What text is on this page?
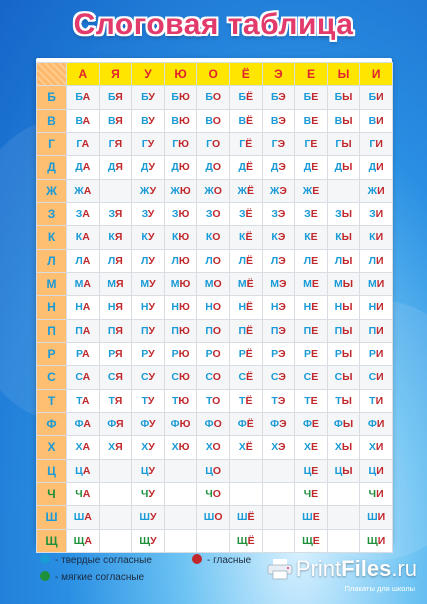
Слоговая таблица
	А	Я	У	Ю	О	Ё	Э	Е	Ы	И
Б	БА	БЯ	БУ	БЮ	БО	БЁ	БЭ	БЕ	БЫ	БИ
В	ВА	ВЯ	ВУ	ВЮ	ВО	ВЁ	ВЭ	ВЕ	ВЫ	ВИ
Г	ГА	ГЯ	ГУ	ГЮ	ГО	ГЁ	ГЭ	ГЕ	ГЫ	ГИ
Д	ДА	ДЯ	ДУ	ДЮ	ДО	ДЁ	ДЭ	ДЕ	ДЫ	ДИ
Ж	ЖА		ЖУ	ЖЮ	ЖО	ЖЁ	ЖЭ	ЖЕ		ЖИ
З	ЗА	ЗЯ	ЗУ	ЗЮ	ЗО	ЗЁ	ЗЭ	ЗЕ	ЗЫ	ЗИ
К	КА	КЯ	КУ	КЮ	КО	КЁ	КЭ	КЕ	КЫ	КИ
Л	ЛА	ЛЯ	ЛУ	ЛЮ	ЛО	ЛЁ	ЛЭ	ЛЕ	ЛЫ	ЛИ
М	МА	МЯ	МУ	МЮ	МО	МЁ	МЭ	МЕ	МЫ	МИ
Н	НА	НЯ	НУ	НЮ	НО	НЁ	НЭ	НЕ	НЫ	НИ
П	ПА	ПЯ	ПУ	ПЮ	ПО	ПЁ	ПЭ	ПЕ	ПЫ	ПИ
Р	РА	РЯ	РУ	РЮ	РО	РЁ	РЭ	РЕ	РЫ	РИ
С	СА	СЯ	СУ	СЮ	СО	СЁ	СЭ	СЕ	СЫ	СИ
Т	ТА	ТЯ	ТУ	ТЮ	ТО	ТЁ	ТЭ	ТЕ	ТЫ	ТИ
Ф	ФА	ФЯ	ФУ	ФЮ	ФО	ФЁ	ФЭ	ФЕ	ФЫ	ФИ
Х	ХА	ХЯ	ХУ	ХЮ	ХО	ХЁ	ХЭ	ХЕ	ХЫ	ХИ
Ц	ЦА		ЦУ		ЦО			ЦЕ	ЦЫ	ЦИ
Ч	ЧА		ЧУ		ЧО			ЧЕ		ЧИ
Ш	ША		ШУ		ШО	ШЁ		ШЕ		ШИ
Щ	ЩА		ЩУ			ЩЁ		ЩЕ		ЩИ
- твердые согласные
- мягкие согласные
- гласные PrintFiles.ru
Плакаты для школы
